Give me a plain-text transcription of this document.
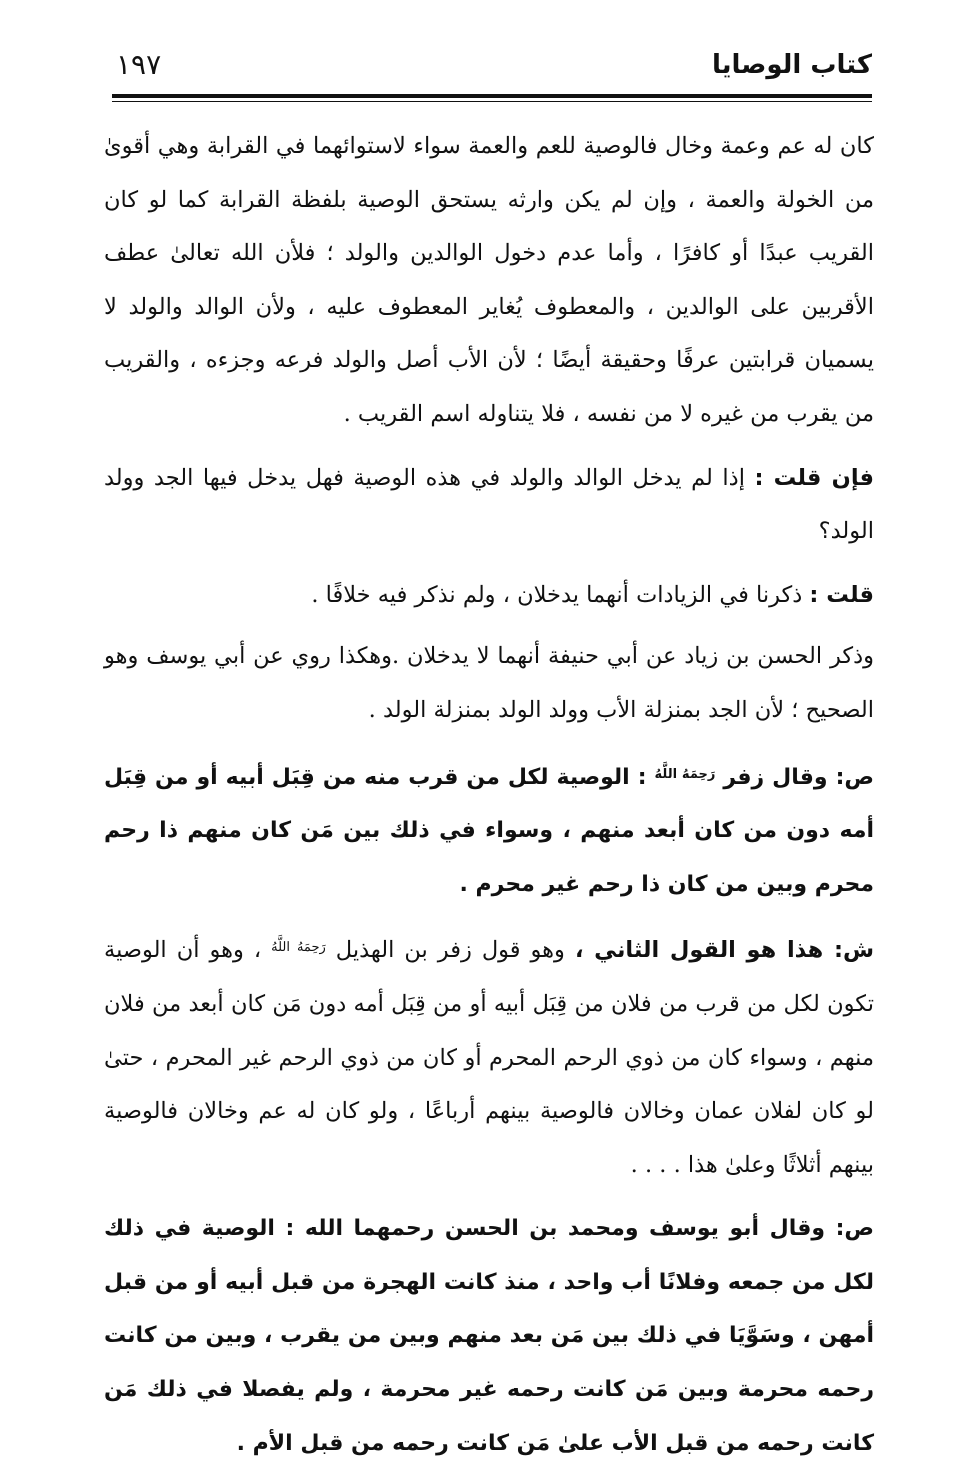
كتاب الوصايا
١٩٧

كان له عم وعمة وخال فالوصية للعم والعمة سواء لاستوائهما في القرابة وهي أقوىٰ من الخولة والعمة ، وإن لم يكن وارثه يستحق الوصية بلفظة القرابة كما لو كان القريب عبدًا أو كافرًا ، وأما عدم دخول الوالدين والولد ؛ فلأن الله تعالىٰ عطف الأقربين على الوالدين ، والمعطوف يُغاير المعطوف عليه ، ولأن الوالد والولد لا يسميان قرابتين عرفًا وحقيقة أيضًا ؛ لأن الأب أصل والولد فرعه وجزءه ، والقريب من يقرب من غيره لا من نفسه ، فلا يتناوله اسم القريب .

فإن قلت : إذا لم يدخل الوالد والولد في هذه الوصية فهل يدخل فيها الجد وولد الولد؟

قلت : ذكرنا في الزيادات أنهما يدخلان ، ولم نذكر فيه خلافًا .

وذكر الحسن بن زياد عن أبي حنيفة أنهما لا يدخلان .وهكذا روي عن أبي يوسف وهو الصحيح ؛ لأن الجد بمنزلة الأب وولد الولد بمنزلة الولد .

ص: وقال زفر $^{رَحِمَهُ اللَّهُ}$ : الوصية لكل من قرب منه من قِبَل أبيه أو من قِبَل أمه دون من كان أبعد منهم ، وسواء في ذلك بين مَن كان منهم ذا رحم محرم وبين من كان ذا رحم غير محرم .

ش: هذا هو القول الثاني ، وهو قول زفر بن الهذيل $^{رَحِمَهُ اللَّهُ}$ ، وهو أن الوصية تكون لكل من قرب من فلان من قِبَل أبيه أو من قِبَل أمه دون مَن كان أبعد من فلان منهم ، وسواء كان من ذوي الرحم المحرم أو كان من ذوي الرحم غير المحرم ، حتىٰ لو كان لفلان عمان وخالان فالوصية بينهم أرباعًا ، ولو كان له عم وخالان فالوصية بينهم أثلاثًا وعلىٰ هذا . . . .

ص: وقال أبو يوسف ومحمد بن الحسن رحمهما الله : الوصية في ذلك لكل من جمعه وفلانًا أب واحد ، منذ كانت الهجرة من قبل أبيه أو من قبل أمهن ، وسَوَّيَا في ذلك بين مَن بعد منهم وبين من يقرب ، وبين من كانت رحمه محرمة وبين مَن كانت رحمه غير محرمة ، ولم يفصلا في ذلك مَن كانت رحمه من قبل الأب علىٰ مَن كانت رحمه من قبل الأم .
